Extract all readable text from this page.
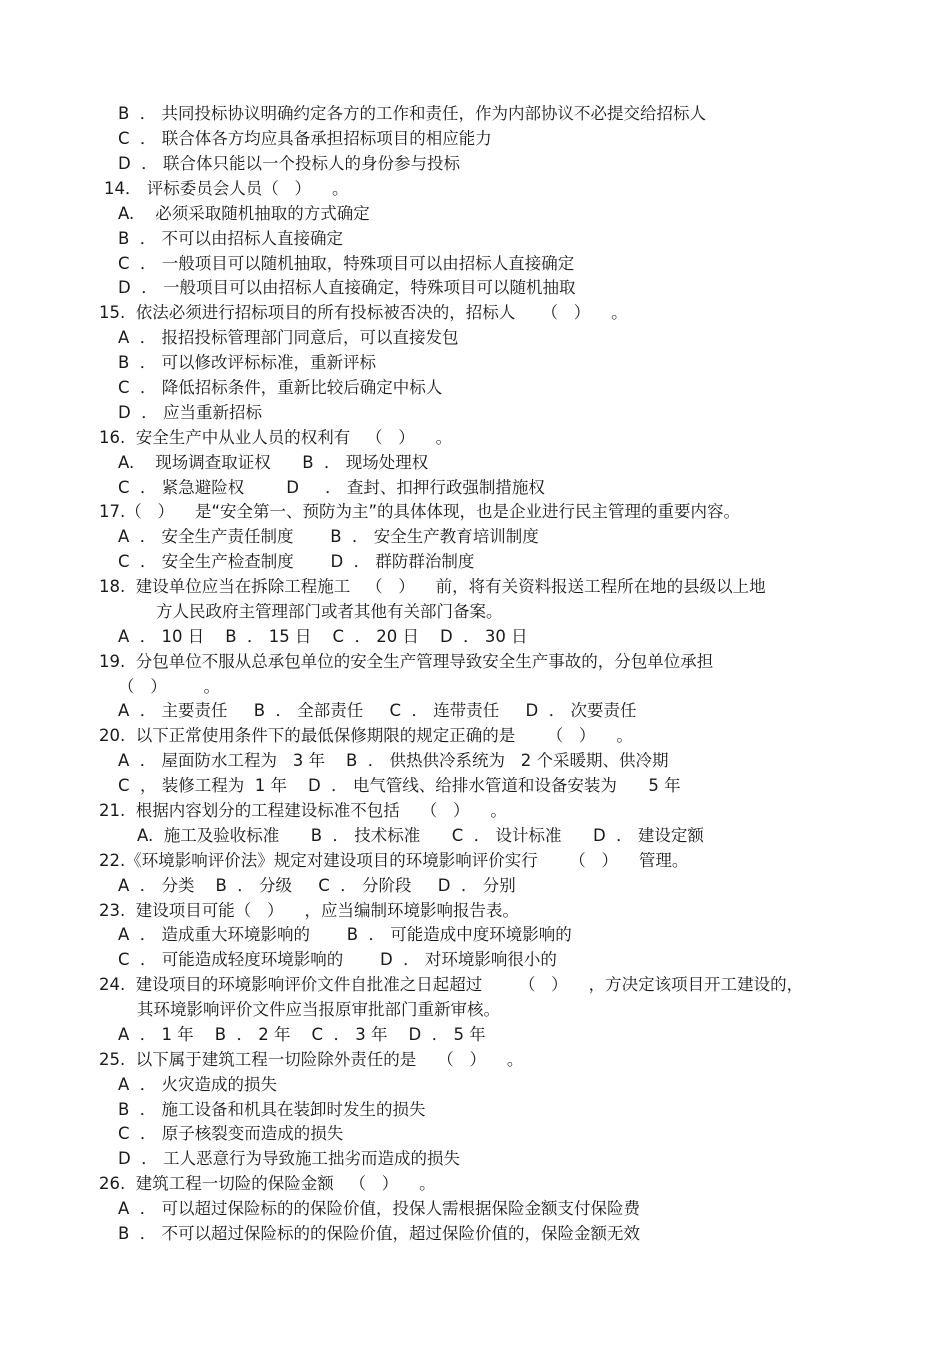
B  ． 共同投标协议明确约定各方的工作和责任，作为内部协议不必提交给招标人
C  ． 联合体各方均应具备承担招标项目的相应能力
D  ． 联合体只能以一个投标人的身份参与投标
14． 评标委员会人员（   ）    。
A.    必须采取随机抽取的方式确定
B  ． 不可以由招标人直接确定
C  ． 一般项目可以随机抽取，特殊项目可以由招标人直接确定
D  ． 一般项目可以由招标人直接确定，特殊项目可以随机抽取
15.  依法必须进行招标项目的所有投标被否决的，招标人     （   ）    。
A  ． 报招投标管理部门同意后，可以直接发包
B  ． 可以修改评标标准，重新评标
C  ． 降低招标条件，重新比较后确定中标人
D  ． 应当重新招标
16.  安全生产中从业人员的权利有   （   ）    。
A.    现场调查取证权      B  ． 现场处理权
C  ． 紧急避险权        D     ． 查封、扣押行政强制措施权
17.（   ）    是“安全第一、预防为主”的具体体现，也是企业进行民主管理的重要内容。
A  ． 安全生产责任制度       B  ． 安全生产教育培训制度
C  ． 安全生产检查制度       D  ． 群防群治制度
18.  建设单位应当在拆除工程施工   （   ）    前，将有关资料报送工程所在地的县级以上地
方人民政府主管理部门或者其他有关部门备案。
A  ． 10 日    B  ． 15 日    C  ． 20 日    D  ． 30 日
19.  分包单位不服从总承包单位的安全生产管理导致安全生产事故的，分包单位承担
（   ）       。
A  ． 主要责任     B  ． 全部责任     C  ． 连带责任     D  ． 次要责任
20.  以下正常使用条件下的最低保修期限的规定正确的是      （   ）    。
A  ． 屋面防水工程为   3 年    B  ． 供热供冷系统为   2 个采暖期、供冷期
C  ， 装修工程为  1 年    D  ． 电气管线、给排水管道和设备安装为      5 年
21.  根据内容划分的工程建设标准不包括    （   ）    。
A.  施工及验收标准      B  ． 技术标准      C  ． 设计标准      D  ． 建设定额
22.《环境影响评价法》规定对建设项目的环境影响评价实行      （   ）    管理。
A  ． 分类    B  ． 分级     C  ． 分阶段     D  ． 分别
23.  建设项目可能（   ）    ，应当编制环境影响报告表。
A  ． 造成重大环境影响的       B  ． 可能造成中度环境影响的
C  ． 可能造成轻度环境影响的       D  ． 对环境影响很小的
24.  建设项目的环境影响评价文件自批准之日起超过       （   ）    ，方决定该项目开工建设的，
其环境影响评价文件应当报原审批部门重新审核。
A  ． 1 年    B  ． 2 年    C  ． 3 年    D  ． 5 年
25.  以下属于建筑工程一切险除外责任的是    （   ）    。
A  ． 火灾造成的损失
B  ． 施工设备和机具在装卸时发生的损失
C  ． 原子核裂变而造成的损失
D  ． 工人恶意行为导致施工拙劣而造成的损失
26.  建筑工程一切险的保险金额   （   ）    。
A  ． 可以超过保险标的的保险价值，投保人需根据保险金额支付保险费
B  ． 不可以超过保险标的的保险价值，超过保险价值的，保险金额无效
